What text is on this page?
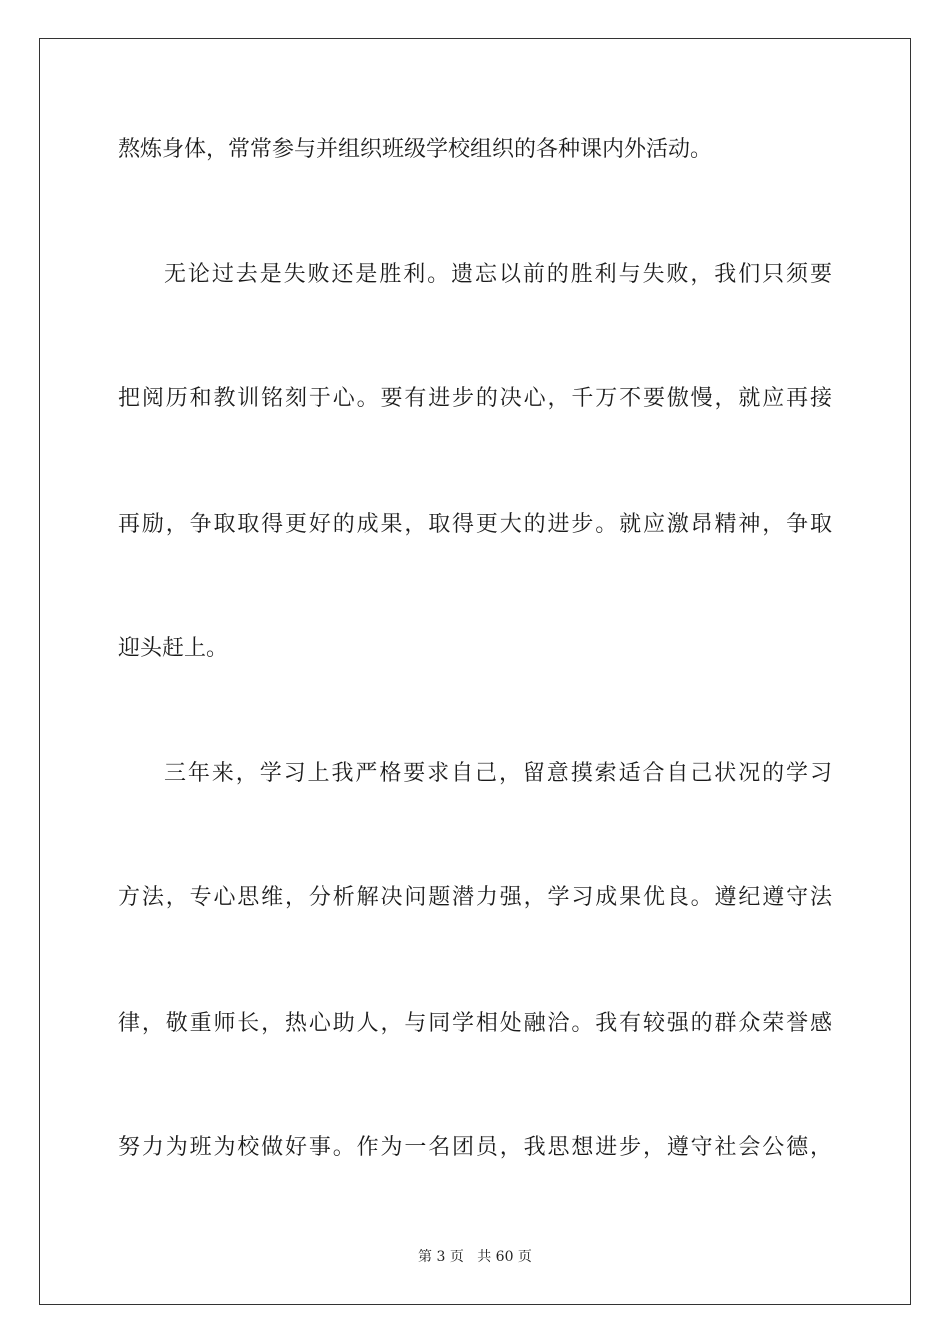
熬炼身体，常常参与并组织班级学校组织的各种课内外活动。
无论过去是失败还是胜利。遗忘以前的胜利与失败，我们只须要
把阅历和教训铭刻于心。要有进步的决心，千万不要傲慢，就应再接
再励，争取取得更好的成果，取得更大的进步。就应激昂精神，争取
迎头赶上。
三年来，学习上我严格要求自己，留意摸索适合自己状况的学习
方法，专心思维，分析解决问题潜力强，学习成果优良。遵纪遵守法
律，敬重师长，热心助人，与同学相处融洽。我有较强的群众荣誉感
努力为班为校做好事。作为一名团员，我思想进步，遵守社会公德，
第 3 页 共 60 页
